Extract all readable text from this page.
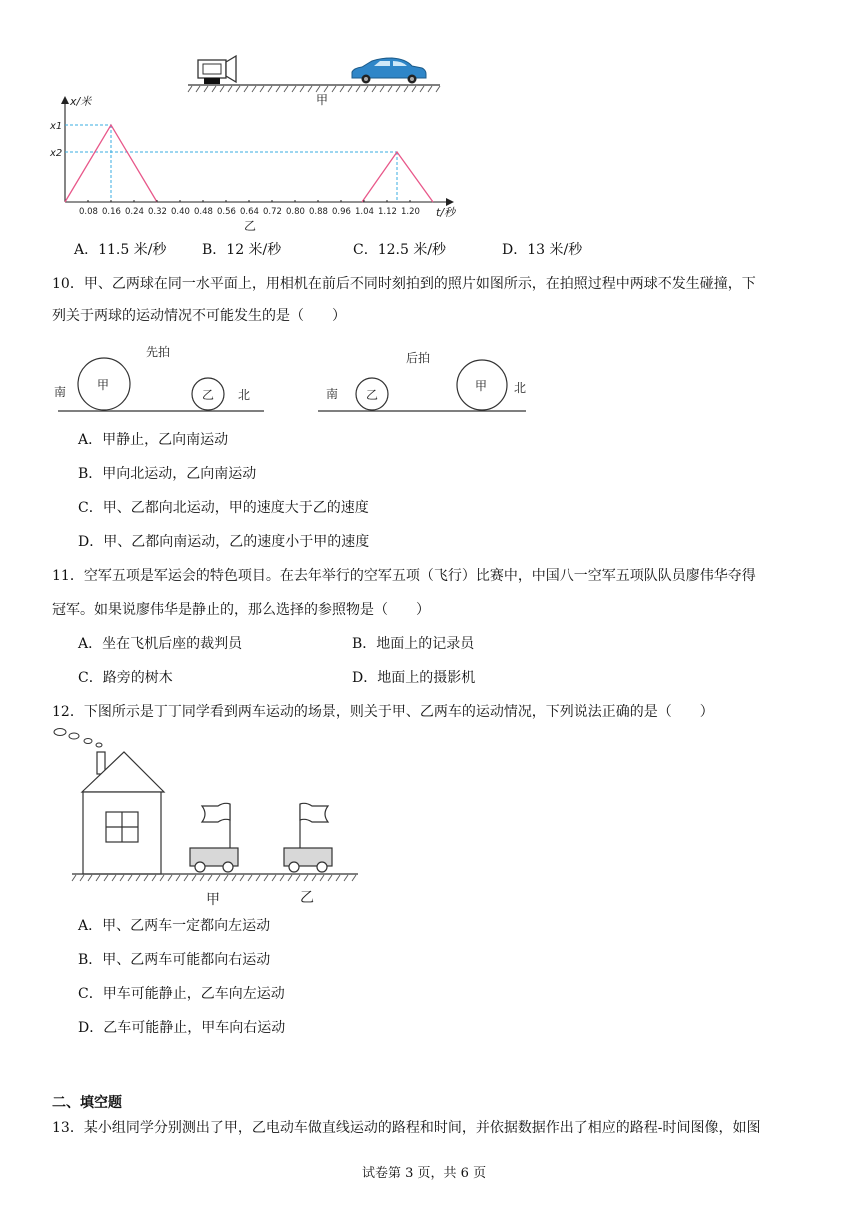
甲
x/米
x1
x2
0.08 0.16 0.24 0.32 0.40 0.48 0.56 0.64 0.72 0.80 0.88 0.96 1.04 1.12 1.20 t/秒
乙
A．11.5 米/秒	B．12 米/秒	C．12.5 米/秒	D．13 米/秒
10．甲、乙两球在同一水平面上，用相机在前后不同时刻拍到的照片如图所示，在拍照过程中两球不发生碰撞，下
列关于两球的运动情况不可能发生的是（　　）
先拍
南	甲
乙 北
后拍
南 乙
甲 北
A．甲静止，乙向南运动
B．甲向北运动，乙向南运动
C．甲、乙都向北运动，甲的速度大于乙的速度
D．甲、乙都向南运动，乙的速度小于甲的速度
11．空军五项是军运会的特色项目。在去年举行的空军五项（飞行）比赛中，中国八一空军五项队队员廖伟华夺得
冠军。如果说廖伟华是静止的，那么选择的参照物是（　　）
A．坐在飞机后座的裁判员	B．地面上的记录员
C．路旁的树木	D．地面上的摄影机
12．下图所示是丁丁同学看到两车运动的场景，则关于甲、乙两车的运动情况，下列说法正确的是（　　）
甲	乙
A．甲、乙两车一定都向左运动
B．甲、乙两车可能都向右运动
C．甲车可能静止，乙车向左运动
D．乙车可能静止，甲车向右运动
二、填空题
13．某小组同学分别测出了甲，乙电动车做直线运动的路程和时间，并依据数据作出了相应的路程-时间图像，如图
试卷第 3 页，共 6 页
